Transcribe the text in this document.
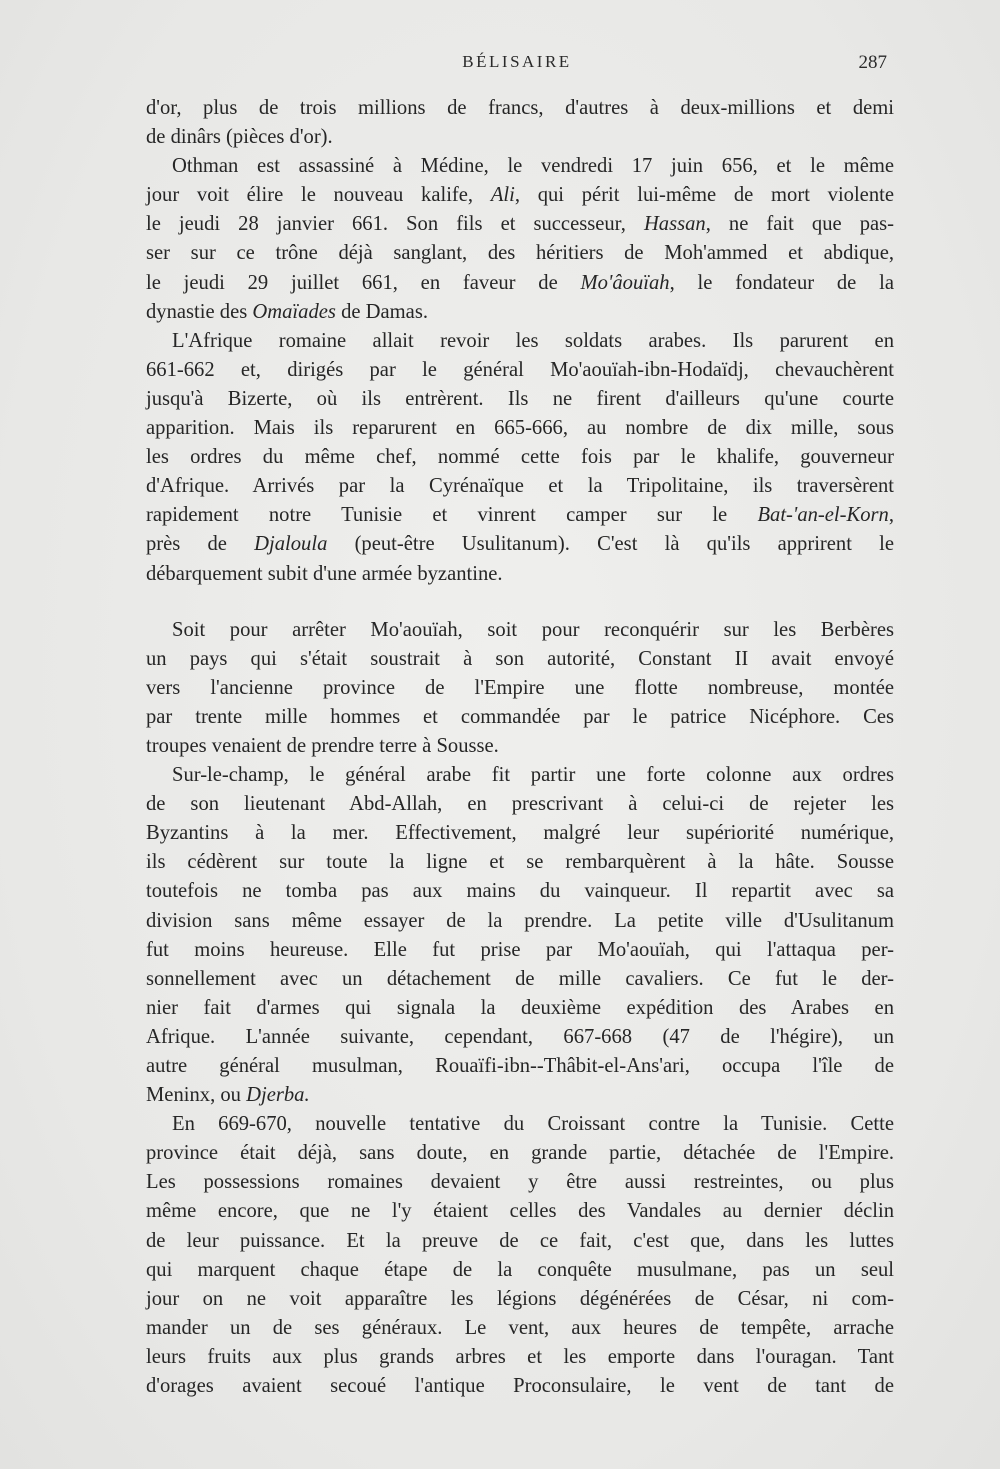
BÉLISAIRE	287
d'or, plus de trois millions de francs, d'autres à deux-millions et demi
de dinârs (pièces d'or).
Othman est assassiné à Médine, le vendredi 17 juin 656, et le même
jour voit élire le nouveau kalife, Ali, qui périt lui-même de mort violente
le jeudi 28 janvier 661. Son fils et successeur, Hassan, ne fait que pas-
ser sur ce trône déjà sanglant, des héritiers de Moh'ammed et abdique,
le jeudi 29 juillet 661, en faveur de Mo'âouïah, le fondateur de la
dynastie des Omaïades de Damas.
L'Afrique romaine allait revoir les soldats arabes. Ils parurent en
661-662 et, dirigés par le général Mo'aouïah-ibn-Hodaïdj, chevauchèrent
jusqu'à Bizerte, où ils entrèrent. Ils ne firent d'ailleurs qu'une courte
apparition. Mais ils reparurent en 665-666, au nombre de dix mille, sous
les ordres du même chef, nommé cette fois par le khalife, gouverneur
d'Afrique. Arrivés par la Cyrénaïque et la Tripolitaine, ils traversèrent
rapidement notre Tunisie et vinrent camper sur le Bat-'an-el-Korn,
près de Djaloula (peut-être Usulitanum). C'est là qu'ils apprirent le
débarquement subit d'une armée byzantine.
Soit pour arrêter Mo'aouïah, soit pour reconquérir sur les Berbères
un pays qui s'était soustrait à son autorité, Constant II avait envoyé
vers l'ancienne province de l'Empire une flotte nombreuse, montée
par trente mille hommes et commandée par le patrice Nicéphore. Ces
troupes venaient de prendre terre à Sousse.
Sur-le-champ, le général arabe fit partir une forte colonne aux ordres
de son lieutenant Abd-Allah, en prescrivant à celui-ci de rejeter les
Byzantins à la mer. Effectivement, malgré leur supériorité numérique,
ils cédèrent sur toute la ligne et se rembarquèrent à la hâte. Sousse
toutefois ne tomba pas aux mains du vainqueur. Il repartit avec sa
division sans même essayer de la prendre. La petite ville d'Usulitanum
fut moins heureuse. Elle fut prise par Mo'aouïah, qui l'attaqua per-
sonnellement avec un détachement de mille cavaliers. Ce fut le der-
nier fait d'armes qui signala la deuxième expédition des Arabes en
Afrique. L'année suivante, cependant, 667-668 (47 de l'hégire), un
autre général musulman, Rouaïfi-ibn--Thâbit-el-Ans'ari, occupa l'île de
Meninx, ou Djerba.
En 669-670, nouvelle tentative du Croissant contre la Tunisie. Cette
province était déjà, sans doute, en grande partie, détachée de l'Empire.
Les possessions romaines devaient y être aussi restreintes, ou plus
même encore, que ne l'y étaient celles des Vandales au dernier déclin
de leur puissance. Et la preuve de ce fait, c'est que, dans les luttes
qui marquent chaque étape de la conquête musulmane, pas un seul
jour on ne voit apparaître les légions dégénérées de César, ni com-
mander un de ses généraux. Le vent, aux heures de tempête, arrache
leurs fruits aux plus grands arbres et les emporte dans l'ouragan. Tant
d'orages avaient secoué l'antique Proconsulaire, le vent de tant de
